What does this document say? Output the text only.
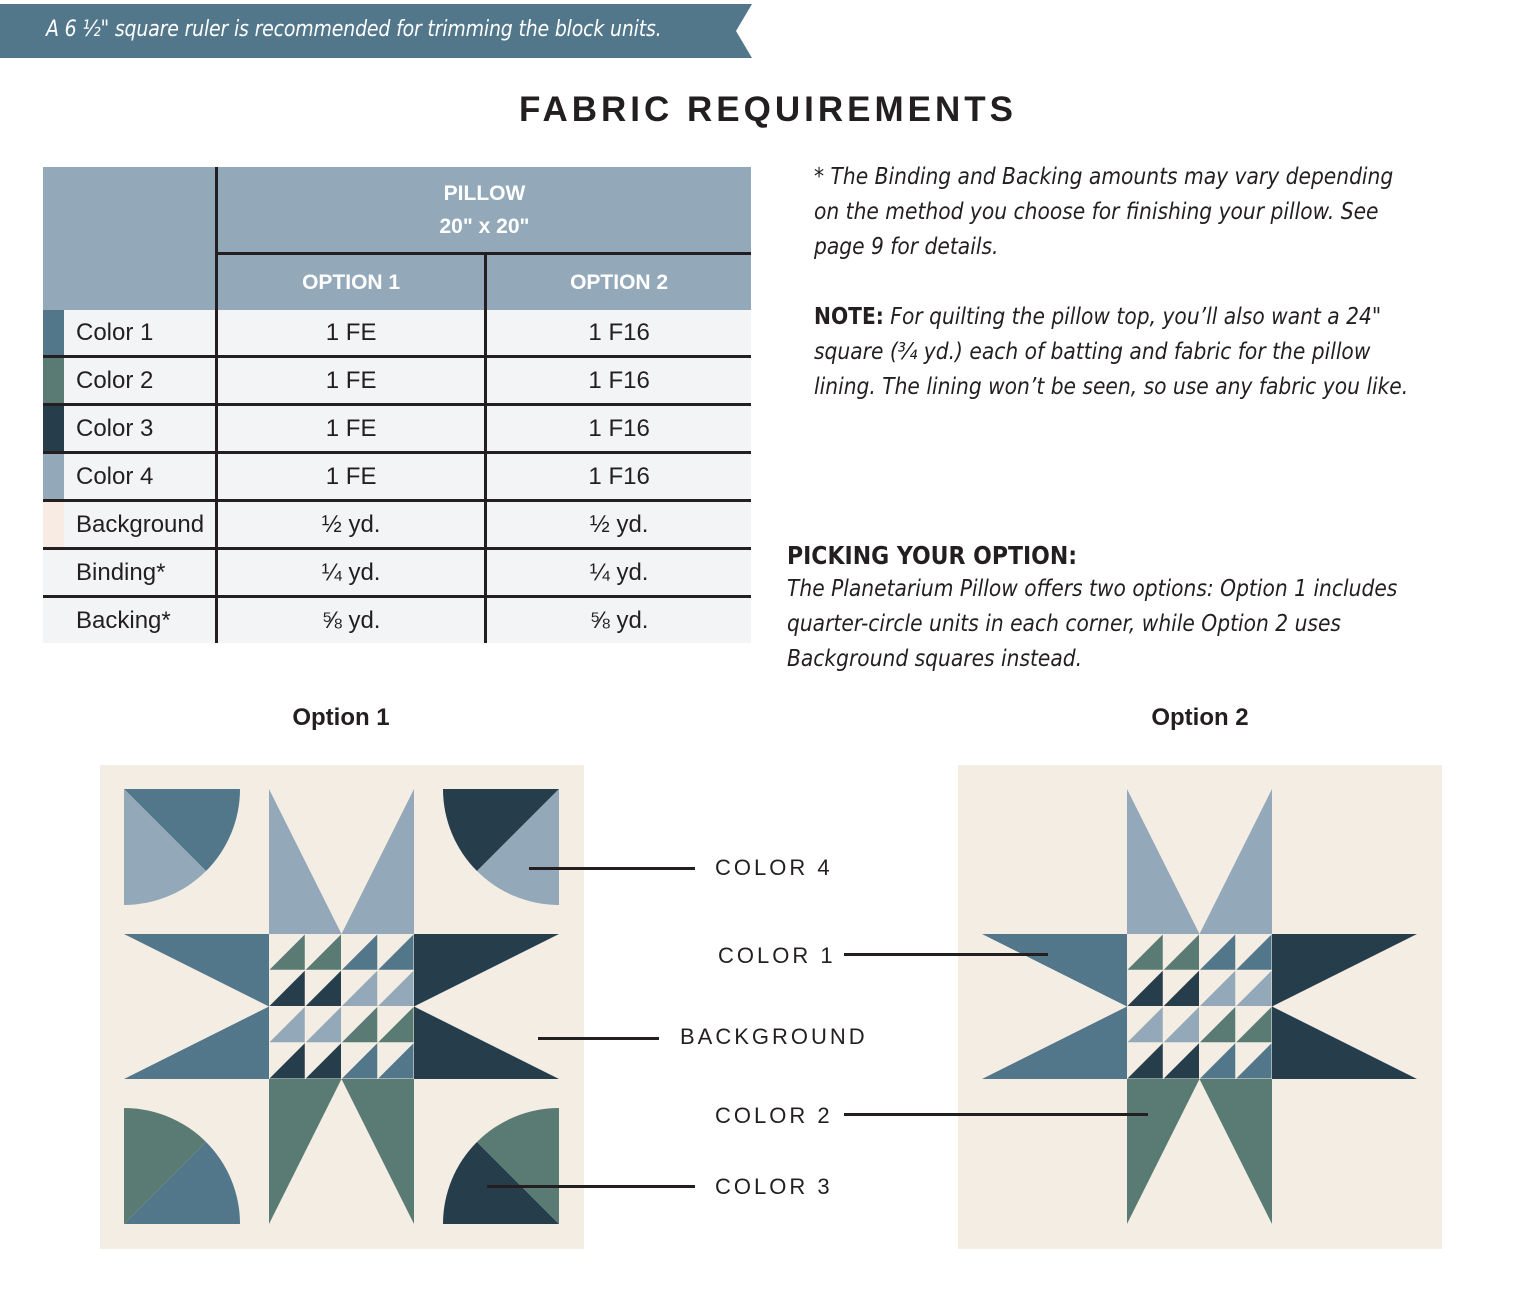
A 6 ½" square ruler is recommended for trimming the block units.
FABRIC REQUIREMENTS

	PILLOW
20" x 20"	

	OPTION 1	OPTION 2

Color 1	1 FE	1 F16

Color 2	1 FE	1 F16

Color 3	1 FE	1 F16

Color 4	1 FE	1 F16

Background	½ yd.	½ yd.
Binding*	¼ yd.	¼ yd.
Backing*	⅝ yd.	⅝ yd.

* The Binding and Backing amounts may vary depending on the method you choose for finishing your pillow. See page 9 for details.

NOTE: For quilting the pillow top, you’ll also want a 24" square (¾ yd.) each of batting and fabric for the pillow lining. The lining won’t be seen, so use any fabric you like.

PICKING YOUR OPTION:

The Planetarium Pillow offers two options: Option 1 includes quarter-circle units in each corner, while Option 2 uses Background squares instead.

Option 1	Option 2
COLOR 4
COLOR 1
BACKGROUND
COLOR 2
COLOR 3
